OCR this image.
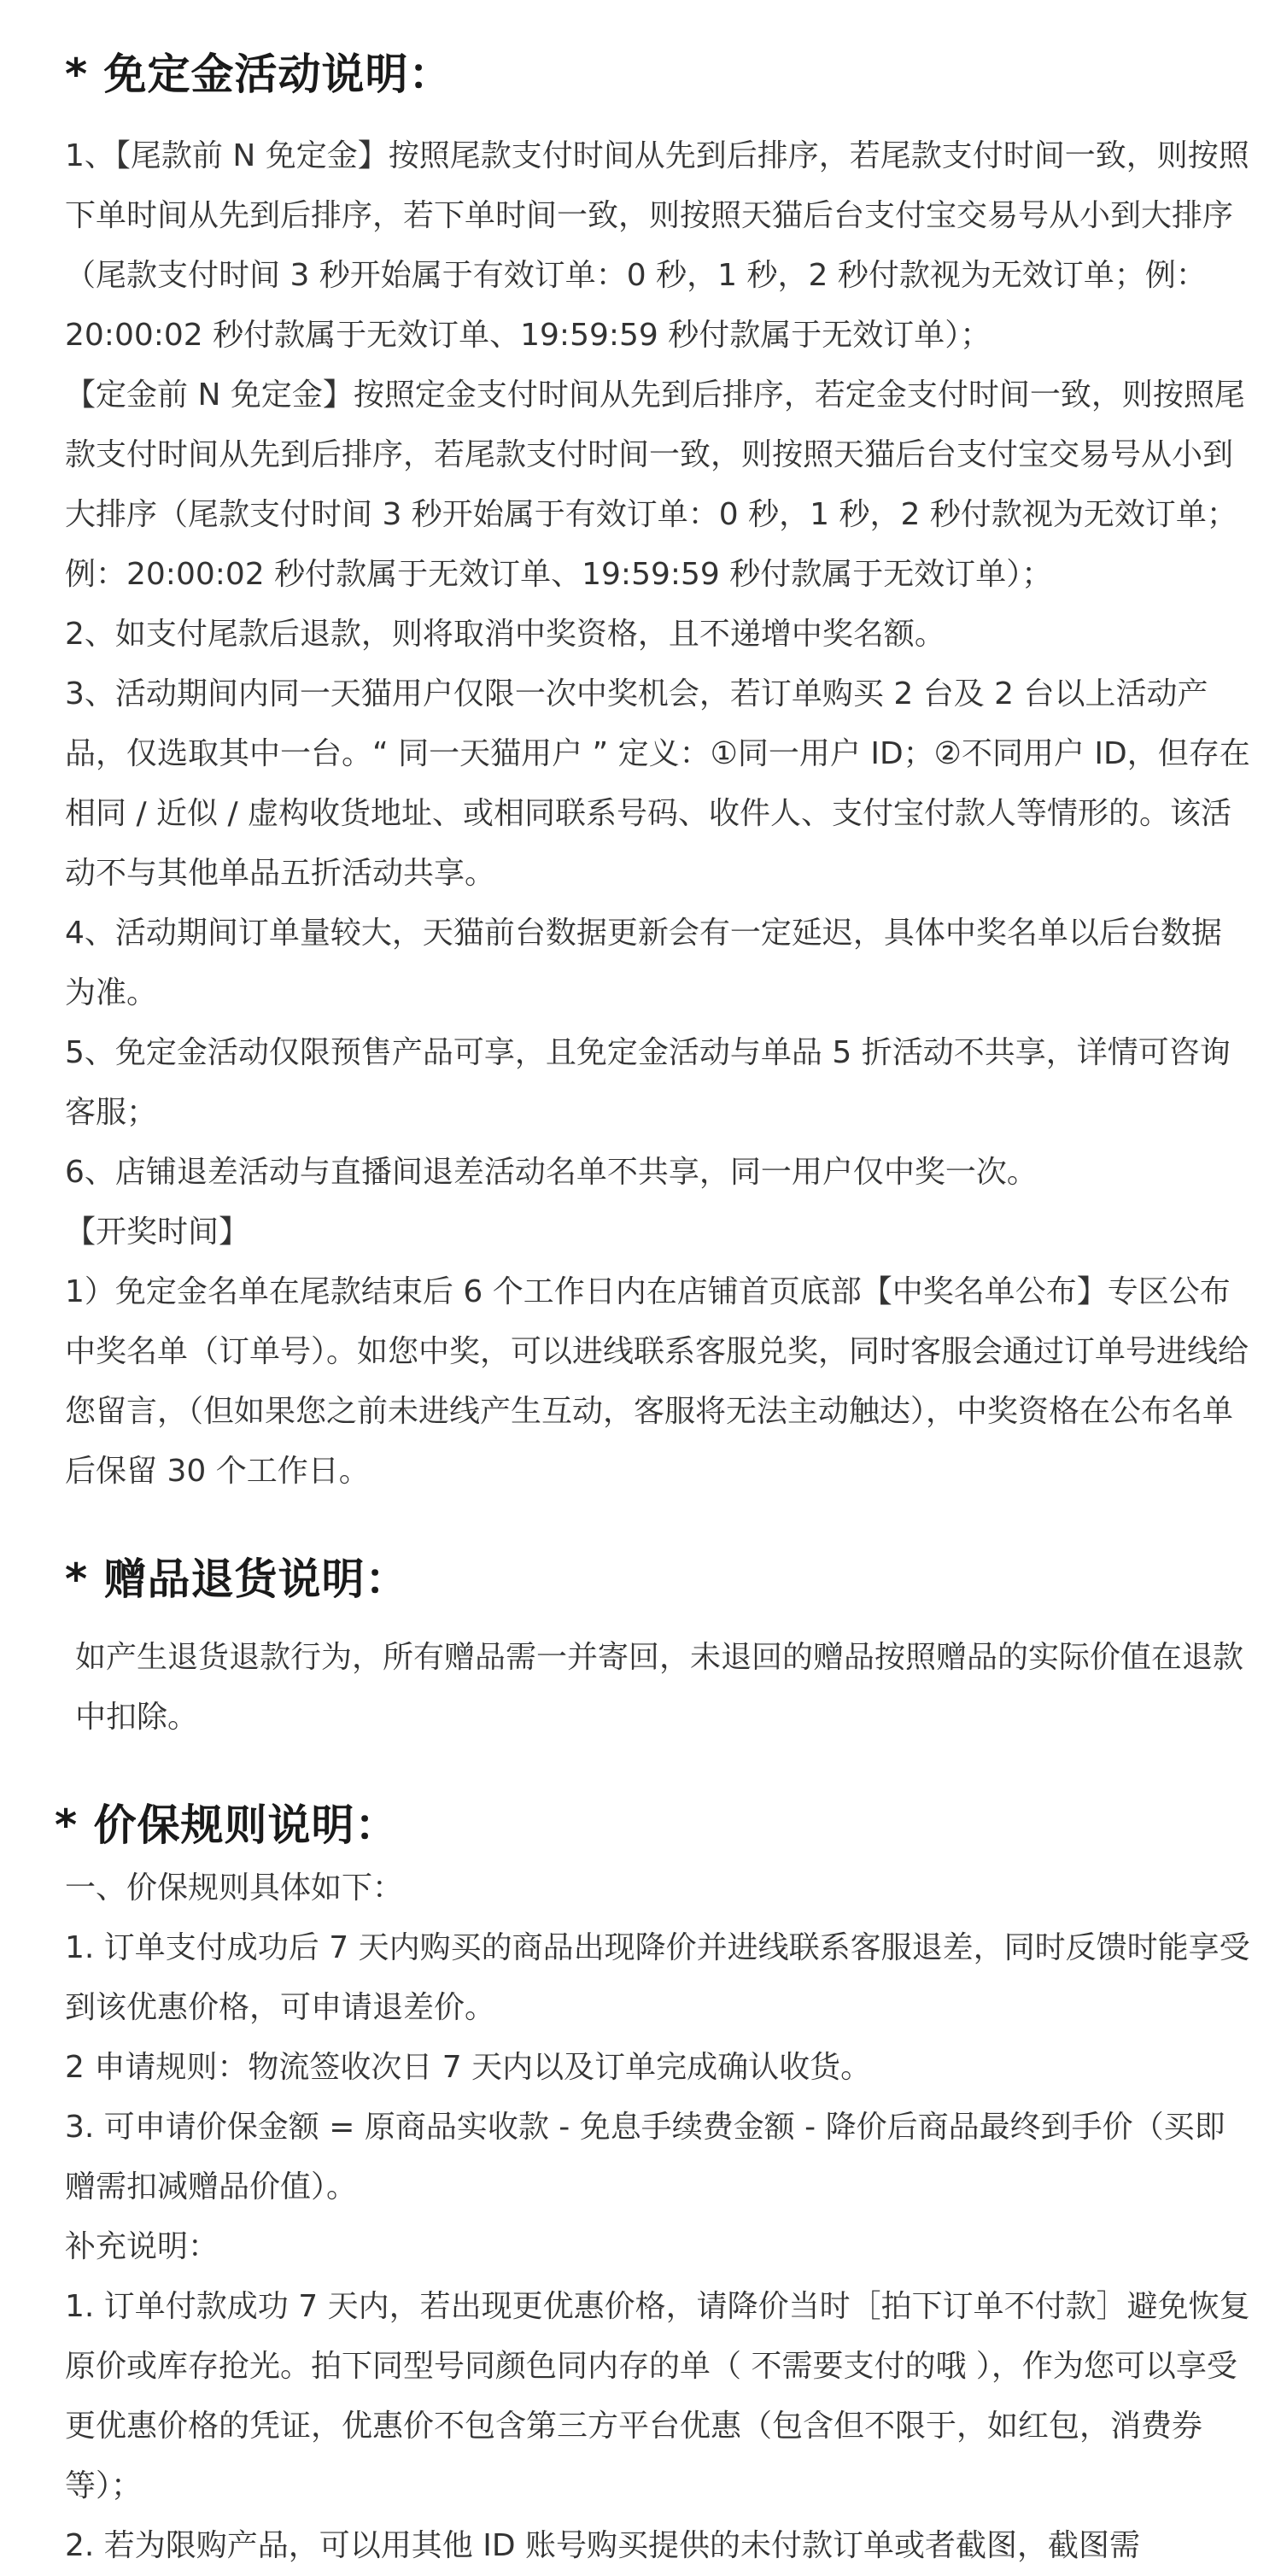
* 免定金活动说明：

1、【尾款前 N 免定金】按照尾款支付时间从先到后排序，若尾款支付时间一致，则按照下单时间从先到后排序，若下单时间一致，则按照天猫后台支付宝交易号从小到大排序（尾款支付时间 3 秒开始属于有效订单：0 秒，1 秒，2 秒付款视为无效订单；例：20:00:02 秒付款属于无效订单、19:59:59 秒付款属于无效订单）；

【定金前 N 免定金】按照定金支付时间从先到后排序，若定金支付时间一致，则按照尾款支付时间从先到后排序，若尾款支付时间一致，则按照天猫后台支付宝交易号从小到大排序（尾款支付时间 3 秒开始属于有效订单：0 秒，1 秒，2 秒付款视为无效订单；例：20:00:02 秒付款属于无效订单、19:59:59 秒付款属于无效订单）；

2、如支付尾款后退款，则将取消中奖资格，且不递增中奖名额。

3、活动期间内同一天猫用户仅限一次中奖机会，若订单购买 2 台及 2 台以上活动产品，仅选取其中一台。“ 同一天猫用户 ” 定义：①同一用户 ID；②不同用户 ID，但存在相同 / 近似 / 虚构收货地址、或相同联系号码、收件人、支付宝付款人等情形的。该活动不与其他单品五折活动共享。

4、活动期间订单量较大，天猫前台数据更新会有一定延迟，具体中奖名单以后台数据为准。

5、免定金活动仅限预售产品可享，且免定金活动与单品 5 折活动不共享，详情可咨询客服；

6、店铺退差活动与直播间退差活动名单不共享，同一用户仅中奖一次。

【开奖时间】

1）免定金名单在尾款结束后 6 个工作日内在店铺首页底部【中奖名单公布】专区公布中奖名单（订单号）。如您中奖，可以进线联系客服兑奖，同时客服会通过订单号进线给您留言，（但如果您之前未进线产生互动，客服将无法主动触达），中奖资格在公布名单后保留 30 个工作日。

* 赠品退货说明：

如产生退货退款行为，所有赠品需一并寄回，未退回的赠品按照赠品的实际价值在退款中扣除。

* 价保规则说明：

一、价保规则具体如下：

1. 订单支付成功后 7 天内购买的商品出现降价并进线联系客服退差，同时反馈时能享受到该优惠价格，可申请退差价。

2 申请规则：物流签收次日 7 天内以及订单完成确认收货。

3. 可申请价保金额 = 原商品实收款 - 免息手续费金额 - 降价后商品最终到手价（买即赠需扣减赠品价值）。

补充说明：

1. 订单付款成功 7 天内，若出现更优惠价格，请降价当时［拍下订单不付款］避免恢复原价或库存抢光。拍下同型号同颜色同内存的单（ 不需要支付的哦 ），作为您可以享受更优惠价格的凭证，优惠价不包含第三方平台优惠（包含但不限于，如红包，消费券等）；

2. 若为限购产品，可以用其他 ID 账号购买提供的未付款订单或者截图，截图需
